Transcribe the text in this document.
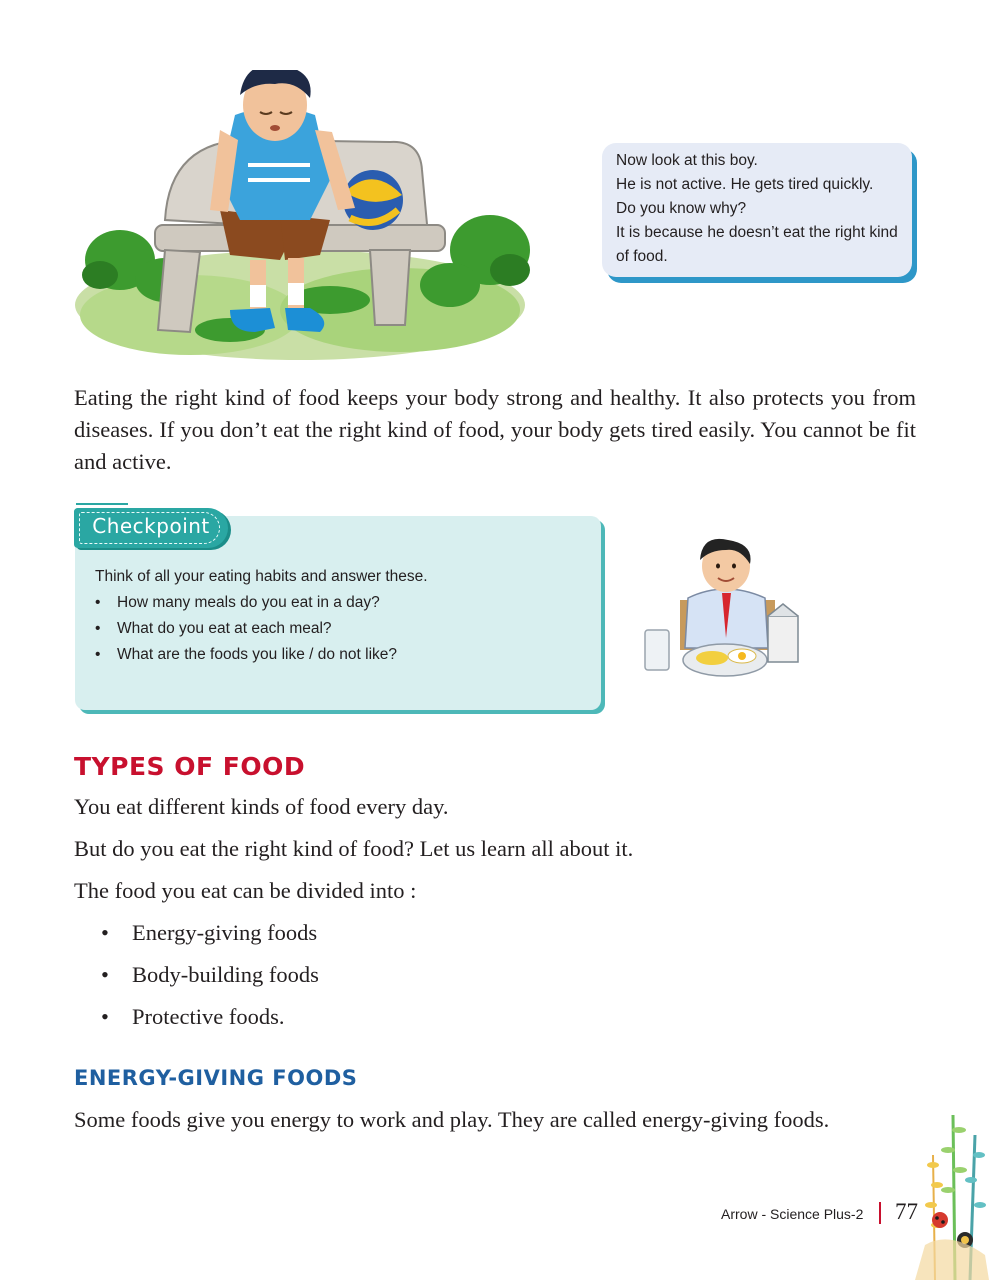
Now look at this boy.

He is not active. He gets tired quickly.

Do you know why?

It is because he doesn’t eat the right kind of food.

Eating the right kind of food keeps your body strong and healthy. It also protects you from diseases. If you don’t eat the right kind of food, your body gets tired easily. You cannot be fit and active.
Checkpoint
Think of all your eating habits and answer these.
• How many meals do you eat in a day?
• What do you eat at each meal?
• What are the foods you like / do not like?
TYPES OF FOOD
You eat different kinds of food every day.
But do you eat the right kind of food? Let us learn all about it.
The food you eat can be divided into :
• Energy-giving foods
• Body-building foods
• Protective foods.
ENERGY-GIVING FOODS
Some foods give you energy to work and play. They are called energy-giving foods.
Arrow - Science Plus-2 77
